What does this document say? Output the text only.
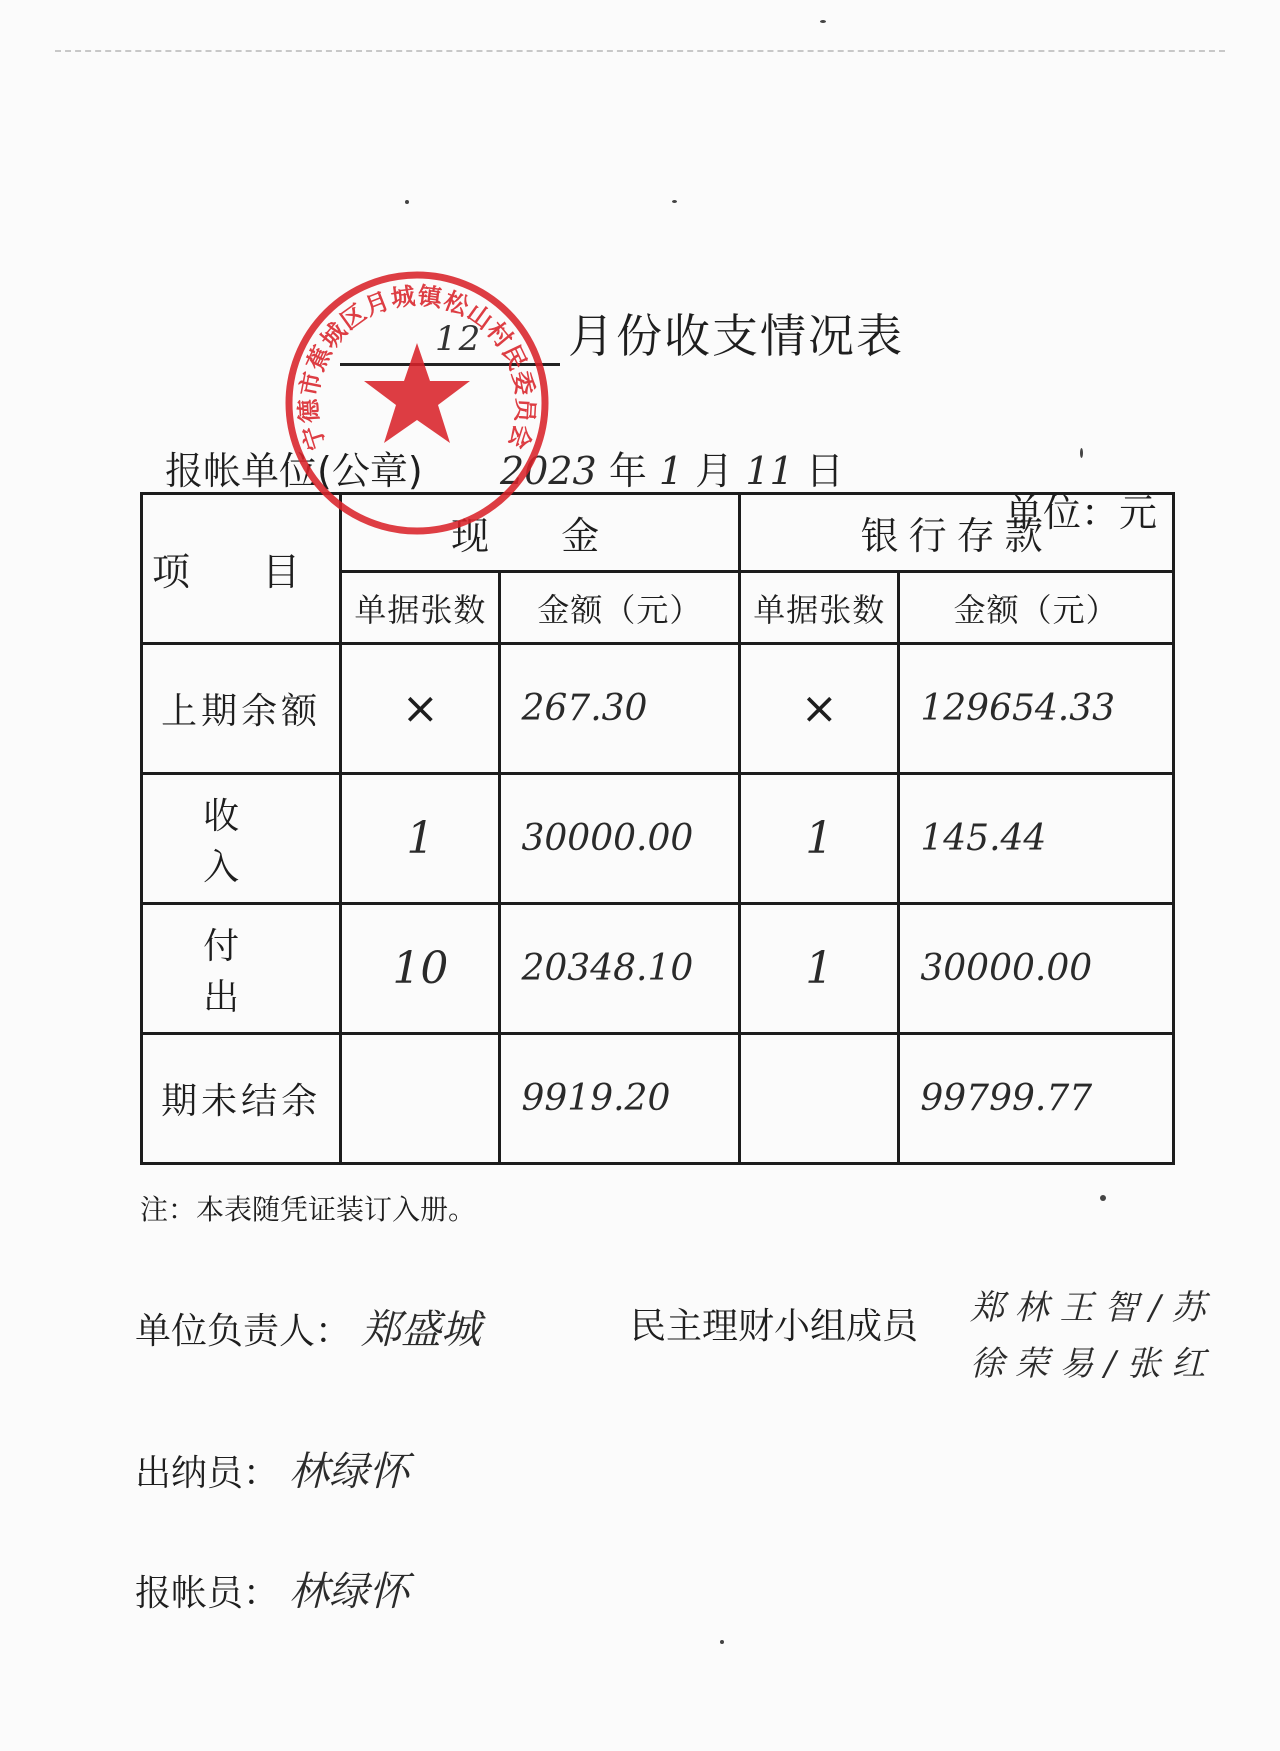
12 月份收支情况表
报帐单位(公章) 2023 年 1 月 11 日
单位：元
项 目	现 金		银行存款	
	单据张数	金额（元）	单据张数	金额（元）
上期余额	×	267.30	×	129654.33
收 入	1	30000.00	1	145.44
付 出	10	20348.10	1	30000.00
期未结余		9919.20		99799.77
注：本表随凭证装订入册。
单位负责人： 郑盛城	民主理财小组成员 郑 林 王 智 / 苏 徐 荣 易 / 张 红
出纳员： 林绿怀
报帐员： 林绿怀
宁德市蕉城区月城镇松山村民委员会
